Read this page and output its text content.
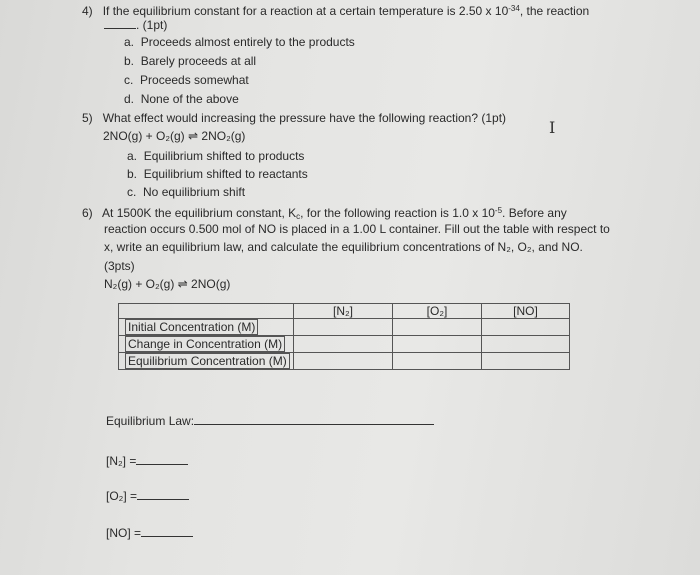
4) If the equilibrium constant for a reaction at a certain temperature is 2.50 x $10^{-34}$, the reaction
. (1pt)
a. Proceeds almost entirely to the products
b. Barely proceeds at all
c. Proceeds somewhat
d. None of the above
5) What effect would increasing the pressure have the following reaction? (1pt)
2NO(g) + O₂(g) ⇌ 2NO₂(g)
a. Equilibrium shifted to products
b. Equilibrium shifted to reactants
c. No equilibrium shift
I
6) At 1500K the equilibrium constant, $K_c$, for the following reaction is 1.0 x $10^{-5}$. Before any
reaction occurs 0.500 mol of NO is placed in a 1.00 L container. Fill out the table with respect to
x, write an equilibrium law, and calculate the equilibrium concentrations of N₂, O₂, and NO.
(3pts)
N₂(g) + O₂(g) ⇌ 2NO(g)
	[N₂]	[O₂]	[NO]
Initial Concentration (M)			
Change in Concentration (M)			
Equilibrium Concentration (M)			
Equilibrium Law:
[N₂] =
[O₂] =
[NO] =
